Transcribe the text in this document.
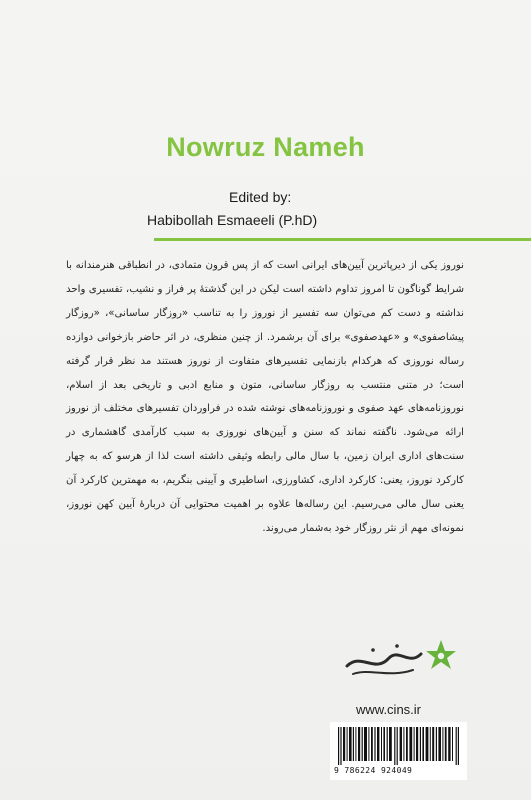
Nowruz Nameh
Edited by:
Habibollah Esmaeeli (P.hD)
نوروز یکی از دیرپاترین آیین‌های ایرانی است که از پس قرون متمادی، در انطباقی هنرمندانه با شرایط گوناگون تا امروز تداوم داشته است لیکن در این گذشتهٔ پر فراز و نشیب، تفسیری واحد نداشته و دست کم می‌توان سه تفسیر از نوروز را به تناسب «روزگار ساسانی»، «روزگار پیشاصفوی» و «عهدصفوی» برای آن برشمرد. از چنین منظری، در اثر حاضر بازخوانی دوازده رساله نوروزی که هرکدام بازنمایی تفسیرهای متفاوت از نوروز هستند مد نظر قرار گرفته است؛ در متنی منتسب به روزگار ساسانی، متون و منابع ادبی و تاریخی بعد از اسلام، نوروزنامه‌های عهد صفوی و نوروزنامه‌های نوشته شده در فراوردان تفسیرهای مختلف از نوروز ارائه می‌شود. ناگفته نماند که سنن و آیین‌های نوروزی به سبب کارآمدی گاهشماری در سنت‌های اداری ایران زمین، با سال مالی رابطه وثیقی داشته است لذا از هرسو که به چهار کارکرد نوروز، یعنی: کارکرد اداری، کشاورزی، اساطیری و آیینی بنگریم، به مهمترین کارکرد آن یعنی سال مالی می‌رسیم. این رساله‌ها علاوه بر اهمیت محتوایی آن دربارهٔ آیین کهن نوروز، نمونه‌ای مهم از نثر روزگار خود به‌شمار می‌روند.
www.cins.ir
9 786224 924049
